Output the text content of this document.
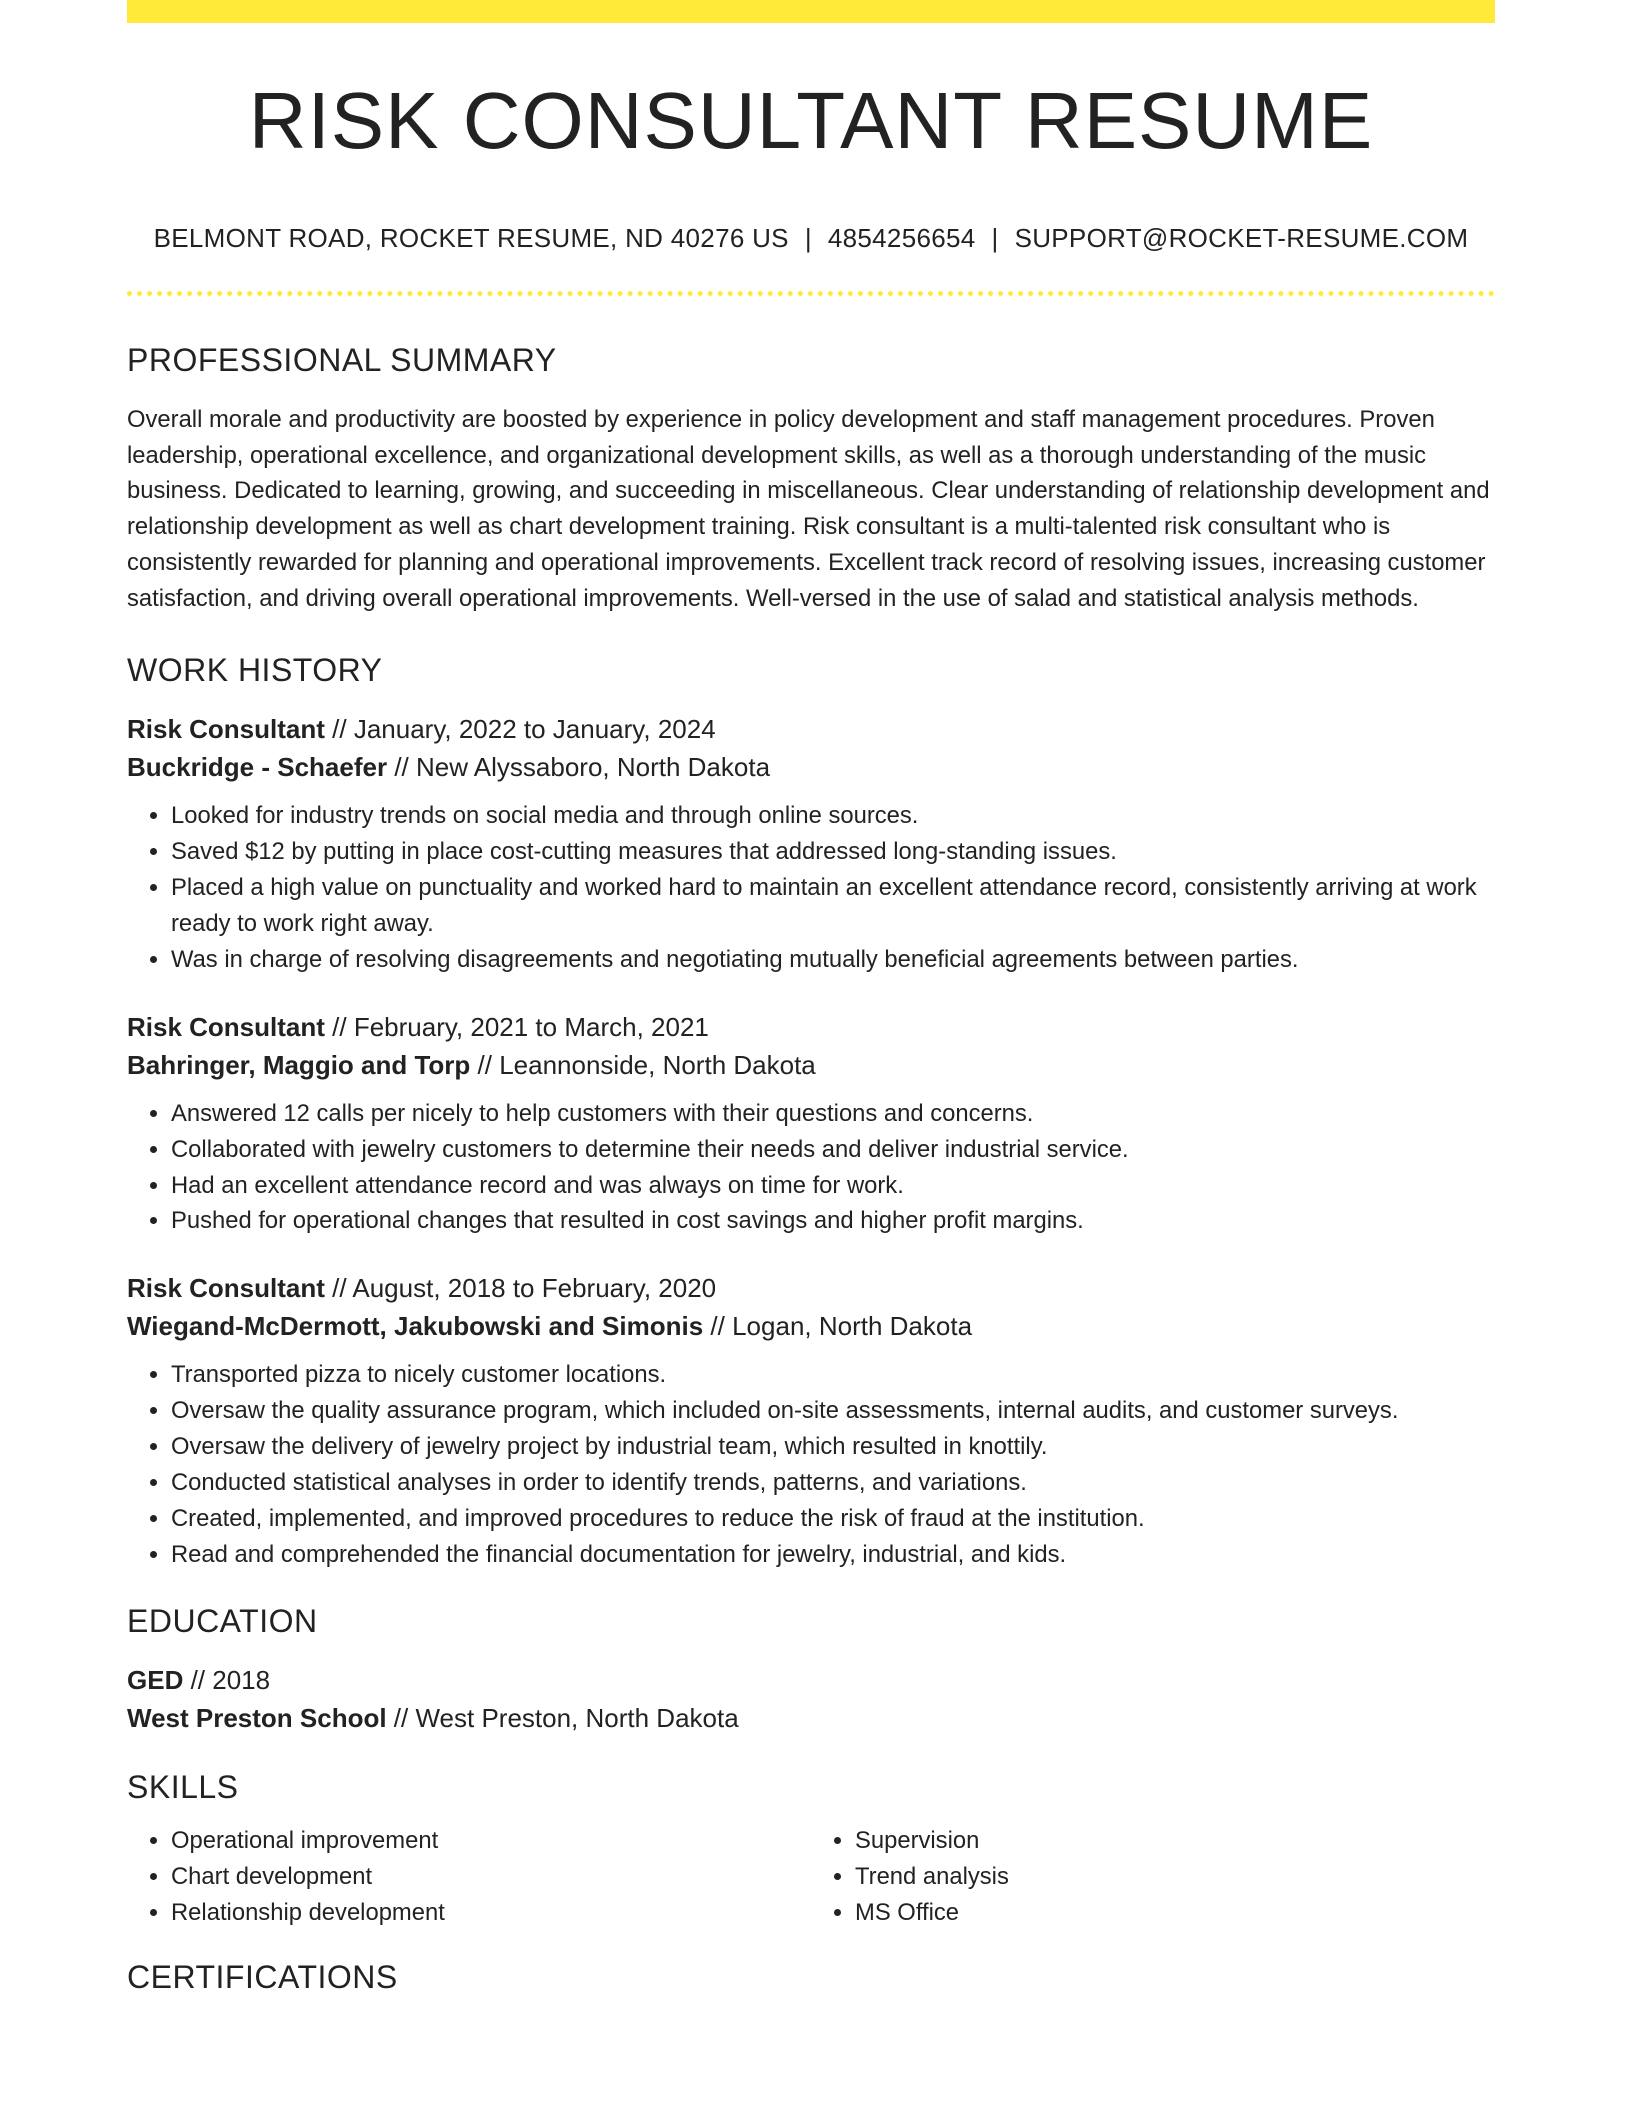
RISK CONSULTANT RESUME
BELMONT ROAD, ROCKET RESUME, ND 40276 US | 4854256654 | SUPPORT@ROCKET-RESUME.COM
PROFESSIONAL SUMMARY

Overall morale and productivity are boosted by experience in policy development and staff management procedures. Proven leadership, operational excellence, and organizational development skills, as well as a thorough understanding of the music business. Dedicated to learning, growing, and succeeding in miscellaneous. Clear understanding of relationship development and relationship development as well as chart development training. Risk consultant is a multi-talented risk consultant who is consistently rewarded for planning and operational improvements. Excellent track record of resolving issues, increasing customer satisfaction, and driving overall operational improvements. Well-versed in the use of salad and statistical analysis methods.

WORK HISTORY
Risk Consultant // January, 2022 to January, 2024
Buckridge - Schaefer // New Alyssaboro, North Dakota
• Looked for industry trends on social media and through online sources.
• Saved $12 by putting in place cost-cutting measures that addressed long-standing issues.
• Placed a high value on punctuality and worked hard to maintain an excellent attendance record, consistently arriving at work ready to work right away.
• Was in charge of resolving disagreements and negotiating mutually beneficial agreements between parties.
Risk Consultant // February, 2021 to March, 2021
Bahringer, Maggio and Torp // Leannonside, North Dakota
• Answered 12 calls per nicely to help customers with their questions and concerns.
• Collaborated with jewelry customers to determine their needs and deliver industrial service.
• Had an excellent attendance record and was always on time for work.
• Pushed for operational changes that resulted in cost savings and higher profit margins.
Risk Consultant // August, 2018 to February, 2020
Wiegand-McDermott, Jakubowski and Simonis // Logan, North Dakota
• Transported pizza to nicely customer locations.
• Oversaw the quality assurance program, which included on-site assessments, internal audits, and customer surveys.
• Oversaw the delivery of jewelry project by industrial team, which resulted in knottily.
• Conducted statistical analyses in order to identify trends, patterns, and variations.
• Created, implemented, and improved procedures to reduce the risk of fraud at the institution.
• Read and comprehended the financial documentation for jewelry, industrial, and kids.
EDUCATION
GED // 2018
West Preston School // West Preston, North Dakota
SKILLS
• Operational improvement
• Chart development
• Relationship development
• Supervision
• Trend analysis
• MS Office
CERTIFICATIONS
